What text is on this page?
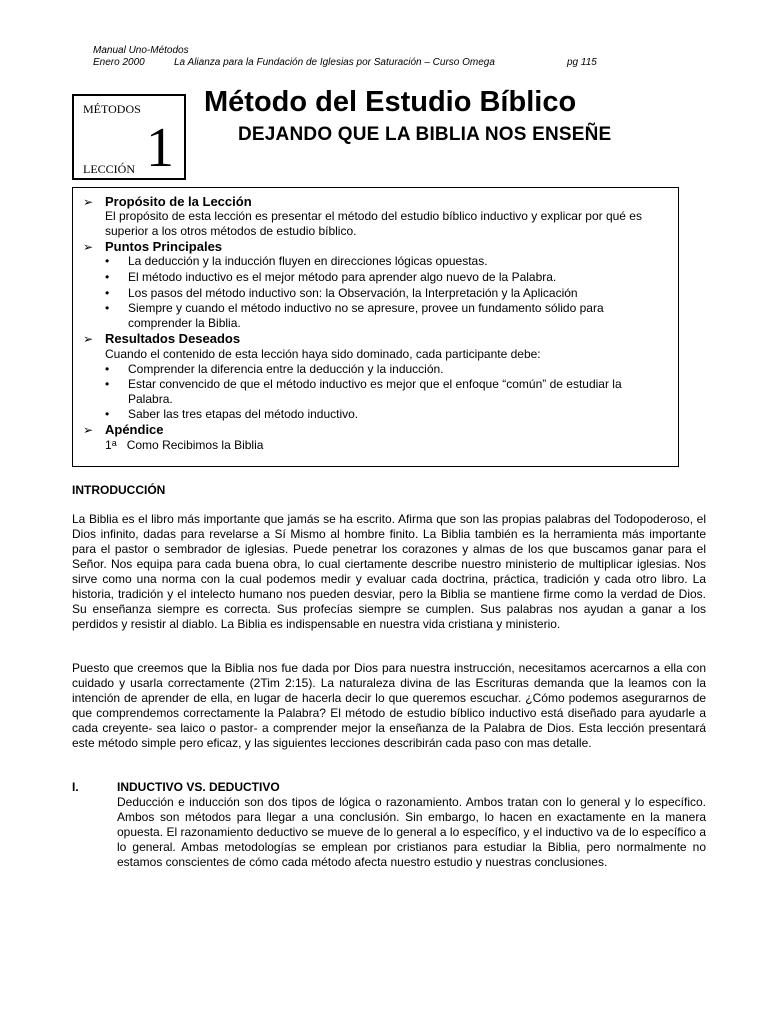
Manual Uno-Métodos
Enero 2000	La Alianza para la Fundación de Iglesias por Saturación – Curso Omega	pg 115
MÉTODOS
1
LECCIÓN
Método del Estudio Bíblico
DEJANDO QUE LA BIBLIA NOS ENSEÑE
➢ Propósito de la Lección
El propósito de esta lección es presentar el método del estudio bíblico inductivo y explicar por qué es superior a los otros métodos de estudio bíblico.
➢ Puntos Principales
• La deducción y la inducción fluyen en direcciones lógicas opuestas.
• El método inductivo es el mejor método para aprender algo nuevo de la Palabra.
• Los pasos del método inductivo son: la Observación, la Interpretación y la Aplicación
• Siempre y cuando el método inductivo no se apresure, provee un fundamento sólido para comprender la Biblia.
➢ Resultados Deseados
Cuando el contenido de esta lección haya sido dominado, cada participante debe:
• Comprender la diferencia entre la deducción y la inducción.
• Estar convencido de que el método inductivo es mejor que el enfoque “común” de estudiar la Palabra.
• Saber las tres etapas del método inductivo.
➢ Apéndice
1$^a$ Como Recibimos la Biblia
INTRODUCCIÓN
La Biblia es el libro más importante que jamás se ha escrito. Afirma que son las propias palabras del Todopoderoso, el Dios infinito, dadas para revelarse a Sí Mismo al hombre finito. La Biblia también es la herramienta más importante para el pastor o sembrador de iglesias. Puede penetrar los corazones y almas de los que buscamos ganar para el Señor. Nos equipa para cada buena obra, lo cual ciertamente describe nuestro ministerio de multiplicar iglesias. Nos sirve como una norma con la cual podemos medir y evaluar cada doctrina, práctica, tradición y cada otro libro. La historia, tradición y el intelecto humano nos pueden desviar, pero la Biblia se mantiene firme como la verdad de Dios. Su enseñanza siempre es correcta. Sus profecías siempre se cumplen. Sus palabras nos ayudan a ganar a los perdidos y resistir al diablo. La Biblia es indispensable en nuestra vida cristiana y ministerio.
Puesto que creemos que la Biblia nos fue dada por Dios para nuestra instrucción, necesitamos acercarnos a ella con cuidado y usarla correctamente (2Tim 2:15). La naturaleza divina de las Escrituras demanda que la leamos con la intención de aprender de ella, en lugar de hacerla decir lo que queremos escuchar. ¿Cómo podemos asegurarnos de que comprendemos correctamente la Palabra? El método de estudio bíblico inductivo está diseñado para ayudarle a cada creyente- sea laico o pastor- a comprender mejor la enseñanza de la Palabra de Dios. Esta lección presentará este método simple pero eficaz, y las siguientes lecciones describirán cada paso con mas detalle.
I.	INDUCTIVO VS. DEDUCTIVO
Deducción e inducción son dos tipos de lógica o razonamiento. Ambos tratan con lo general y lo específico. Ambos son métodos para llegar a una conclusión. Sin embargo, lo hacen en exactamente en la manera opuesta. El razonamiento deductivo se mueve de lo general a lo específico, y el inductivo va de lo específico a lo general. Ambas metodologías se emplean por cristianos para estudiar la Biblia, pero normalmente no estamos conscientes de cómo cada método afecta nuestro estudio y nuestras conclusiones.
